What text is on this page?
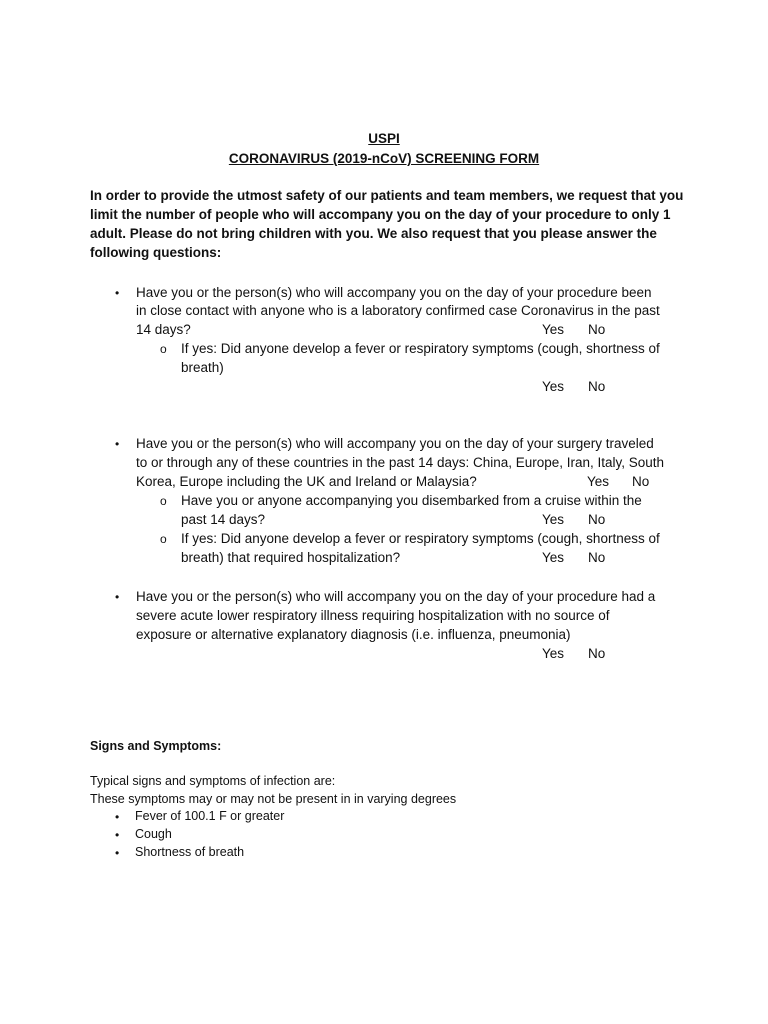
USPI
CORONAVIRUS (2019-nCoV) SCREENING FORM
In order to provide the utmost safety of our patients and team members, we request that you
limit the number of people who will accompany you on the day of your procedure to only 1
adult. Please do not bring children with you. We also request that you please answer the
following questions:
• Have you or the person(s) who will accompany you on the day of your procedure been
in close contact with anyone who is a laboratory confirmed case Coronavirus in the past
14 days?	Yes No
o If yes: Did anyone develop a fever or respiratory symptoms (cough, shortness of
breath)
Yes No
• Have you or the person(s) who will accompany you on the day of your surgery traveled
to or through any of these countries in the past 14 days: China, Europe, Iran, Italy, South
Korea, Europe including the UK and Ireland or Malaysia?	Yes No
o Have you or anyone accompanying you disembarked from a cruise within the
past 14 days?	Yes No
o If yes: Did anyone develop a fever or respiratory symptoms (cough, shortness of
breath) that required hospitalization?	Yes No
• Have you or the person(s) who will accompany you on the day of your procedure had a
severe acute lower respiratory illness requiring hospitalization with no source of
exposure or alternative explanatory diagnosis (i.e. influenza, pneumonia)
Yes No
Signs and Symptoms:
Typical signs and symptoms of infection are:
These symptoms may or may not be present in in varying degrees
• Fever of 100.1 F or greater
• Cough
• Shortness of breath
